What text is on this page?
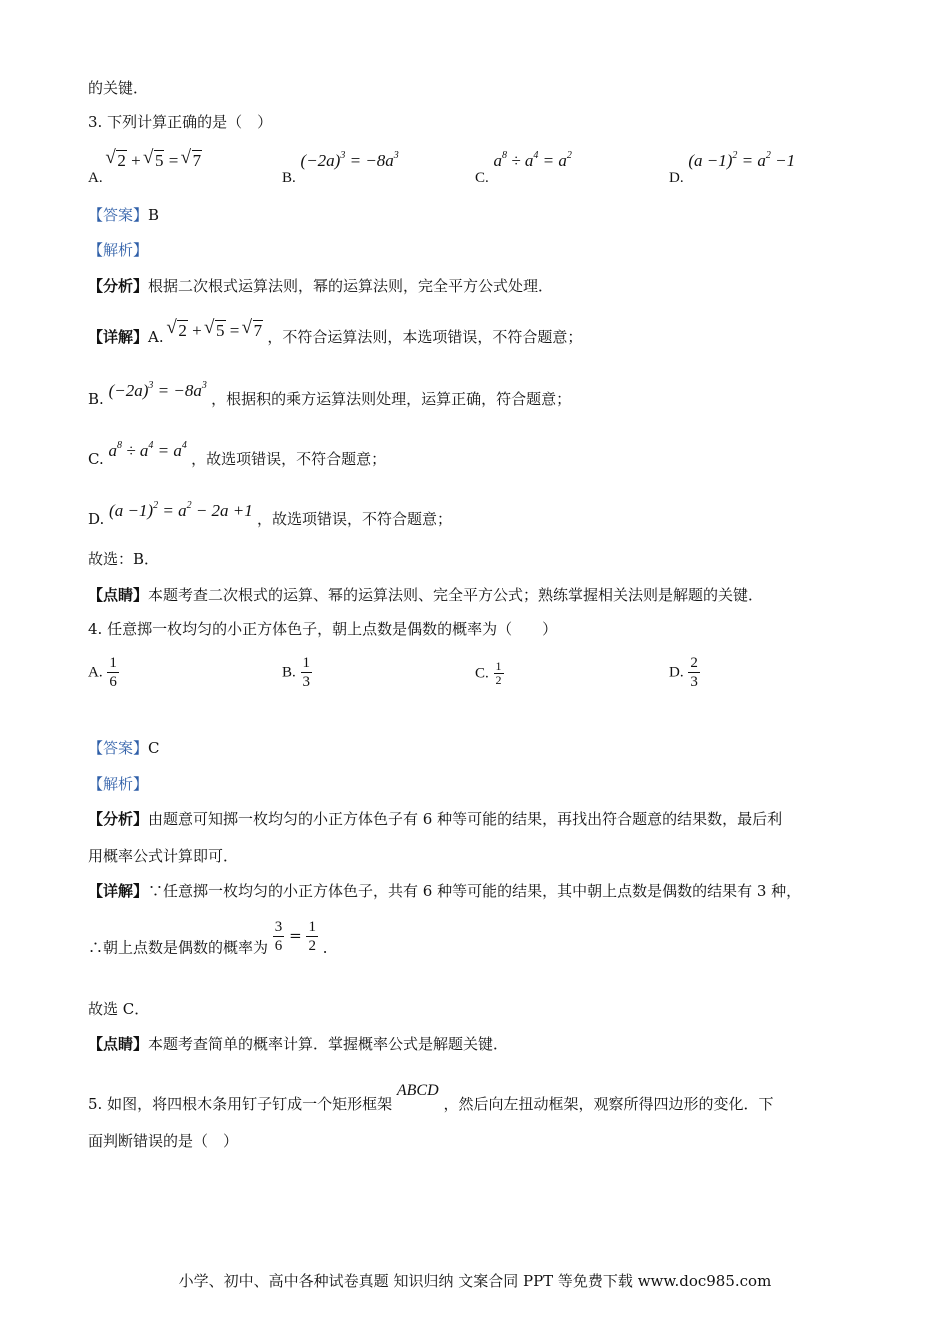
的关键．
3. 下列计算正确的是（　）
A. √ 2 + √ 5 = √ 7
B. $(-2a)^3 = -8a^3$
C. $a^8 \div a^4 = a^2$
D. $(a -1)^2 = a^2 -1$
【答案】B
【解析】
【分析】根据二次根式运算法则，幂的运算法则，完全平方公式处理．
【详解】A. √ 2 + √ 5 = √ 7 ，不符合运算法则，本选项错误，不符合题意；
B. $(-2a)^3 = -8a^3$ ，根据积的乘方运算法则处理，运算正确，符合题意；
C. $a^8 \div a^4 = a^4$ ，故选项错误，不符合题意；
D. $(a -1)^2 = a^2 - 2a +1$ ，故选项错误，不符合题意；
故选：B．
【点睛】本题考查二次根式的运算、幂的运算法则、完全平方公式；熟练掌握相关法则是解题的关键．
4. 任意掷一枚均匀的小正方体色子，朝上点数是偶数的概率为（　　）
A. $\frac{1}{6}$	B. $\frac{1}{3}$	C. $\frac{1}{2}$	D. $\frac{2}{3}$
【答案】C
【解析】
【分析】由题意可知掷一枚均匀的小正方体色子有 6 种等可能的结果，再找出符合题意的结果数，最后利
用概率公式计算即可．
【详解】∵任意掷一枚均匀的小正方体色子，共有 6 种等可能的结果，其中朝上点数是偶数的结果有 3 种，
∴朝上点数是偶数的概率为 $\frac{3}{6} = \frac{1}{2}$ ．
故选 C．
【点睛】本题考查简单的概率计算．掌握概率公式是解题关键．
5. 如图，将四根木条用钉子钉成一个矩形框架 ABCD ，然后向左扭动框架，观察所得四边形的变化．下
面判断错误的是（　）
小学、初中、高中各种试卷真题 知识归纳 文案合同 PPT 等免费下载 www.doc985.com
